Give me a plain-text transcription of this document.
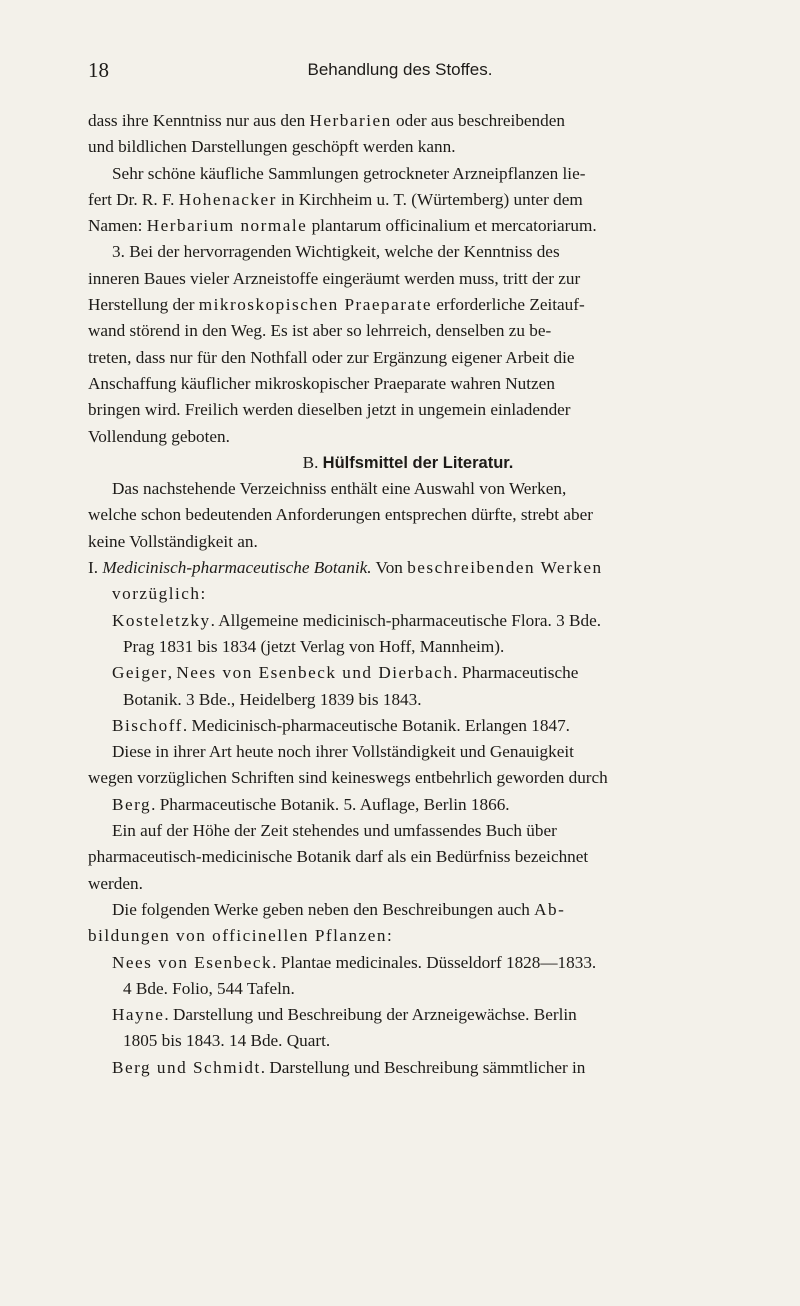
18	Behandlung des Stoffes.
dass ihre Kenntniss nur aus den Herbarien oder aus beschreibenden
und bildlichen Darstellungen geschöpft werden kann.
Sehr schöne käufliche Sammlungen getrockneter Arzneipflanzen lie-
fert Dr. R. F. Hohenacker in Kirchheim u. T. (Würtemberg) unter dem
Namen: Herbarium normale plantarum officinalium et mercatoriarum.
3. Bei der hervorragenden Wichtigkeit, welche der Kenntniss des
inneren Baues vieler Arzneistoffe eingeräumt werden muss, tritt der zur
Herstellung der mikroskopischen Praeparate erforderliche Zeitauf-
wand störend in den Weg. Es ist aber so lehrreich, denselben zu be-
treten, dass nur für den Nothfall oder zur Ergänzung eigener Arbeit die
Anschaffung käuflicher mikroskopischer Praeparate wahren Nutzen
bringen wird. Freilich werden dieselben jetzt in ungemein einladender
Vollendung geboten.
B. Hülfsmittel der Literatur.
Das nachstehende Verzeichniss enthält eine Auswahl von Werken,
welche schon bedeutenden Anforderungen entsprechen dürfte, strebt aber
keine Vollständigkeit an.
I. Medicinisch-pharmaceutische Botanik. Von beschreibenden Werken
vorzüglich:
Kosteletzky. Allgemeine medicinisch-pharmaceutische Flora. 3 Bde.
Prag 1831 bis 1834 (jetzt Verlag von Hoff, Mannheim).
Geiger, Nees von Esenbeck und Dierbach. Pharmaceutische
Botanik. 3 Bde., Heidelberg 1839 bis 1843.
Bischoff. Medicinisch-pharmaceutische Botanik. Erlangen 1847.
Diese in ihrer Art heute noch ihrer Vollständigkeit und Genauigkeit
wegen vorzüglichen Schriften sind keineswegs entbehrlich geworden durch
Berg. Pharmaceutische Botanik. 5. Auflage, Berlin 1866.
Ein auf der Höhe der Zeit stehendes und umfassendes Buch über
pharmaceutisch-medicinische Botanik darf als ein Bedürfniss bezeichnet
werden.
Die folgenden Werke geben neben den Beschreibungen auch Ab-
bildungen von officinellen Pflanzen:
Nees von Esenbeck. Plantae medicinales. Düsseldorf 1828—1833.
4 Bde. Folio, 544 Tafeln.
Hayne. Darstellung und Beschreibung der Arzneigewächse. Berlin
1805 bis 1843. 14 Bde. Quart.
Berg und Schmidt. Darstellung und Beschreibung sämmtlicher in
